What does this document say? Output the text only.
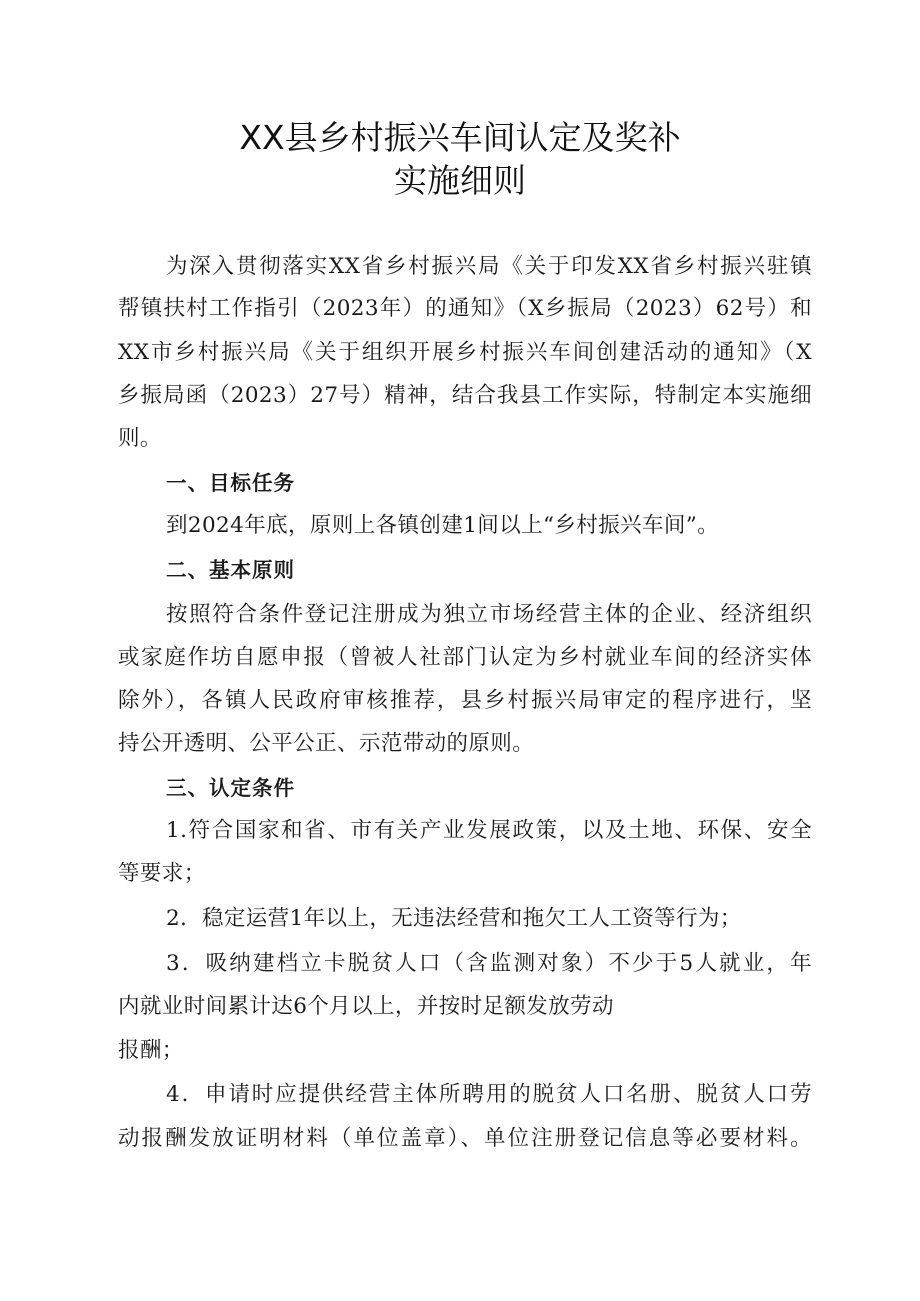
XX县乡村振兴车间认定及奖补
实施细则
为深入贯彻落实XX省乡村振兴局《关于印发XX省乡村振兴驻镇
帮镇扶村工作指引（2023年）的通知》（X乡振局（2023）62号）和
XX市乡村振兴局《关于组织开展乡村振兴车间创建活动的通知》（X
乡振局函（2023）27号）精神，结合我县工作实际，特制定本实施细
则。
一、目标任务
到2024年底，原则上各镇创建1间以上“乡村振兴车间”。
二、基本原则
按照符合条件登记注册成为独立市场经营主体的企业、经济组织
或家庭作坊自愿申报（曾被人社部门认定为乡村就业车间的经济实体
除外），各镇人民政府审核推荐，县乡村振兴局审定的程序进行，坚
持公开透明、公平公正、示范带动的原则。
三、认定条件
1.符合国家和省、市有关产业发展政策，以及土地、环保、安全
等要求；
2．稳定运营1年以上，无违法经营和拖欠工人工资等行为；
3．吸纳建档立卡脱贫人口（含监测对象）不少于5人就业，年
内就业时间累计达6个月以上，并按时足额发放劳动
报酬；
4．申请时应提供经营主体所聘用的脱贫人口名册、脱贫人口劳
动报酬发放证明材料（单位盖章）、单位注册登记信息等必要材料。
